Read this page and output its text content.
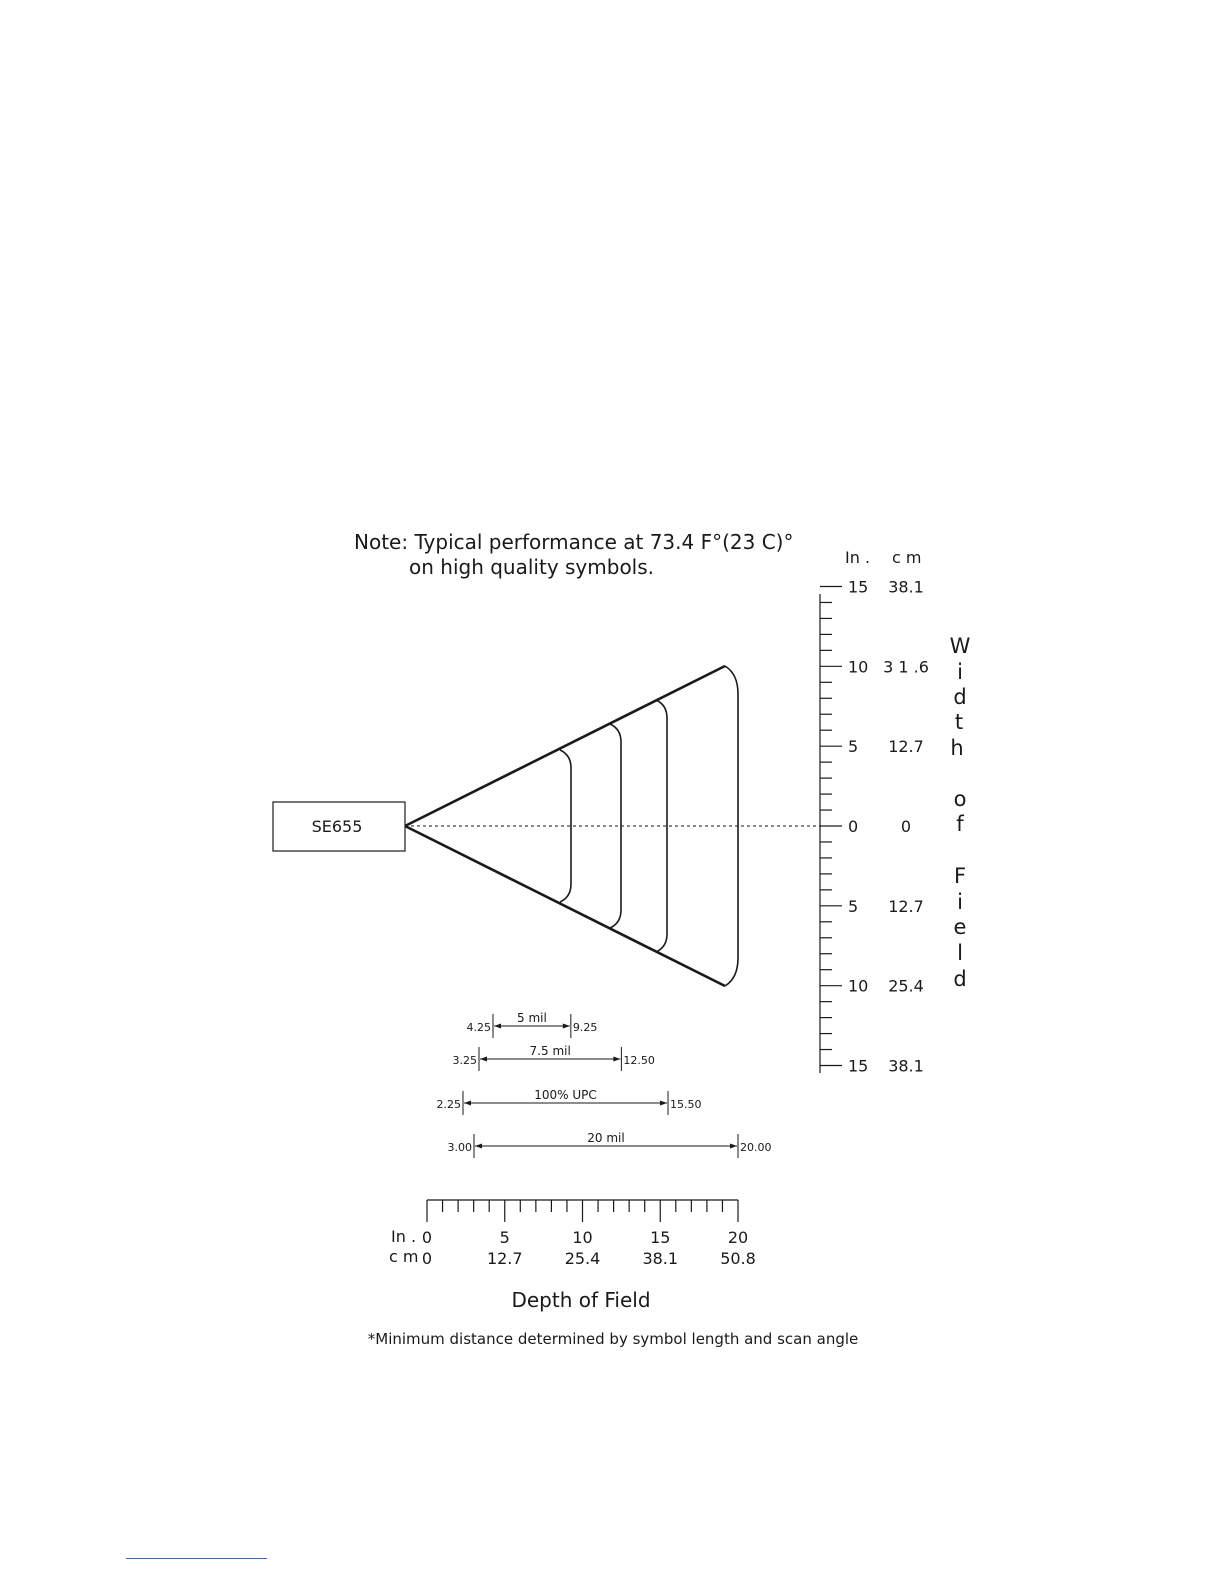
Note: Typical performance at 73.4 F°(23 C)°
on high quality symbols.
SE655
15 38.1
10 3 1 .6
5 12.7
0	0
5 12.7
10 25.4
15 38.1
In . c m
W
i
d
t
h
o
f
F
i
e
l
d
5 mil
4.25	9.25
7.5 mil
3.25	12.50
100% UPC
2.25	15.50
20 mil
3.00	20.00
0
0
5
12.7
10
25.4
15
38.1
20
50.8
In .
c m
Depth of Field
*Minimum distance determined by symbol length and scan angle
